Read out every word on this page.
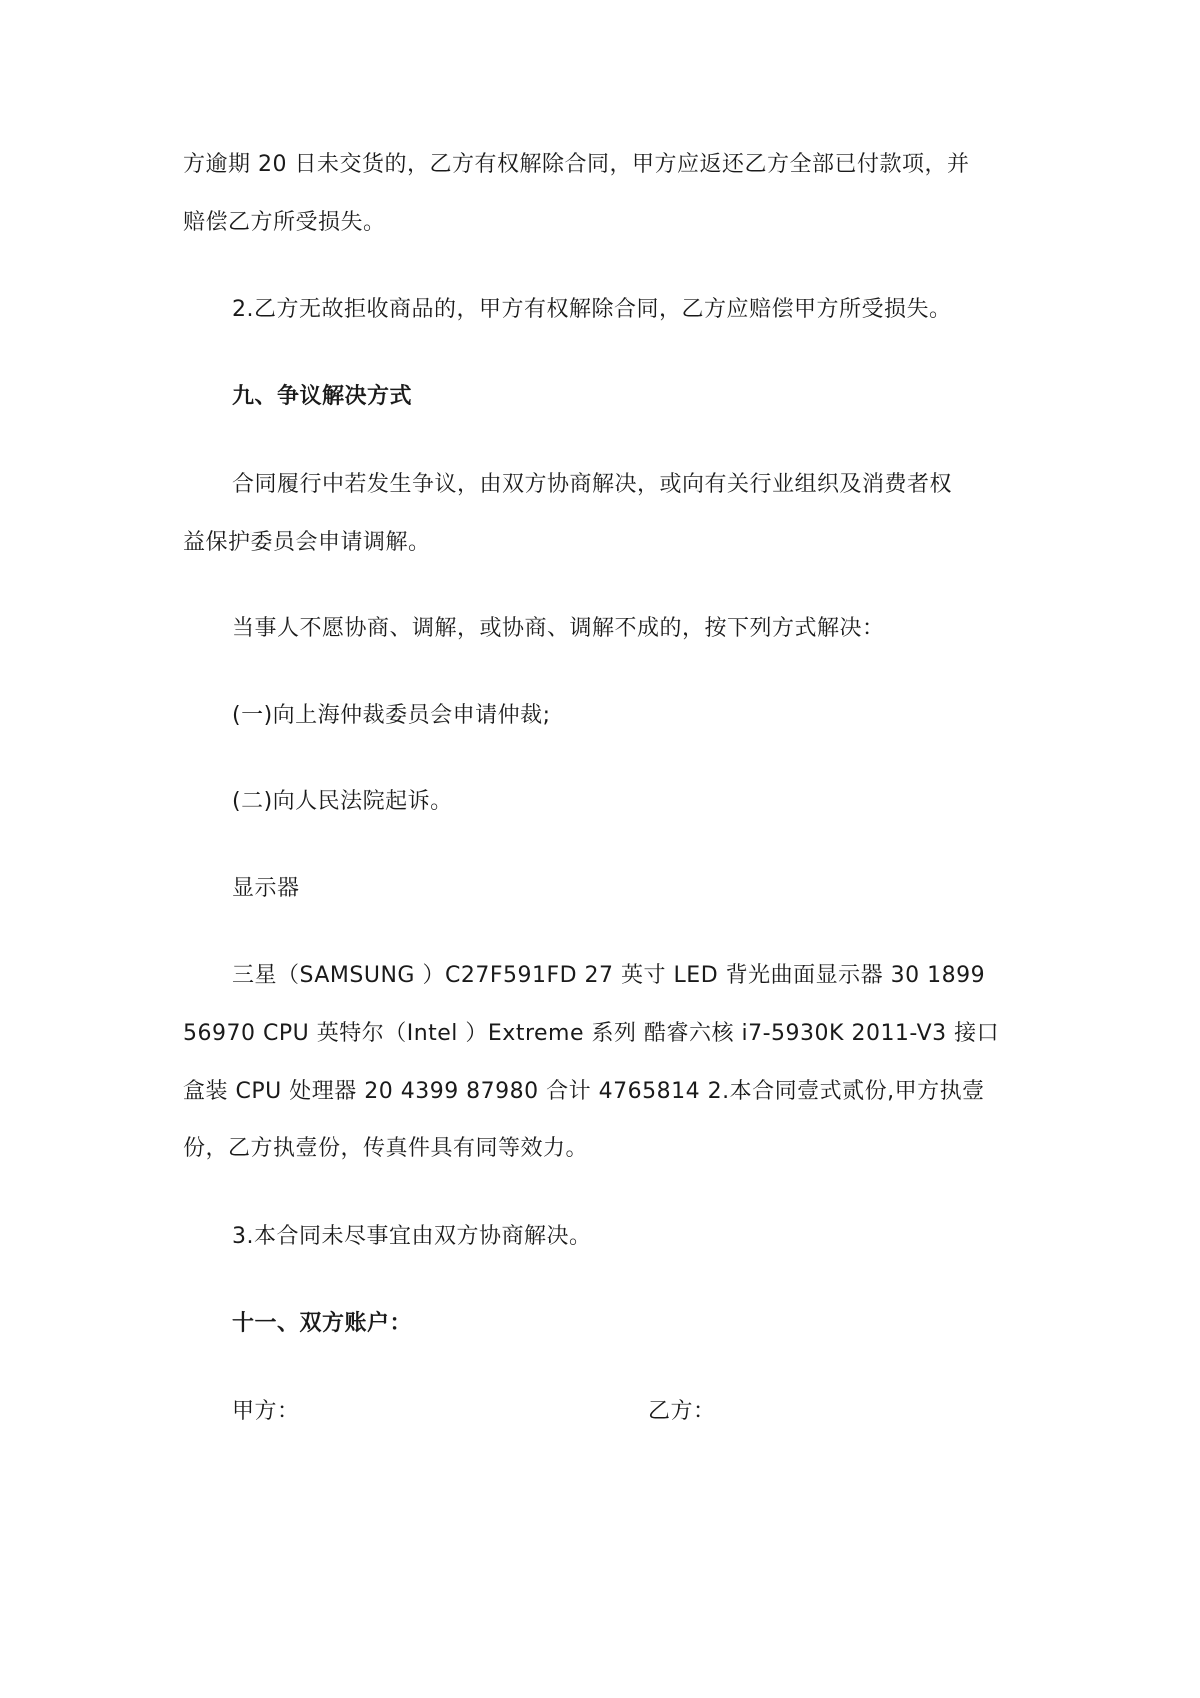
方逾期 20 日未交货的，乙方有权解除合同，甲方应返还乙方全部已付款项，并
赔偿乙方所受损失。
2.乙方无故拒收商品的，甲方有权解除合同，乙方应赔偿甲方所受损失。
九、争议解决方式
合同履行中若发生争议，由双方协商解决，或向有关行业组织及消费者权
益保护委员会申请调解。
当事人不愿协商、调解，或协商、调解不成的，按下列方式解决：
(一)向上海仲裁委员会申请仲裁;
(二)向人民法院起诉。
显示器
三星（SAMSUNG ）C27F591FD 27 英寸 LED 背光曲面显示器 30 1899
56970 CPU 英特尔（Intel ）Extreme 系列 酷睿六核 i7-5930K 2011-V3 接口
盒装 CPU 处理器 20 4399 87980 合计 4765814 2.本合同壹式贰份,甲方执壹
份，乙方执壹份，传真件具有同等效力。
3.本合同未尽事宜由双方协商解决。
十一、双方账户：
甲方：	乙方：
